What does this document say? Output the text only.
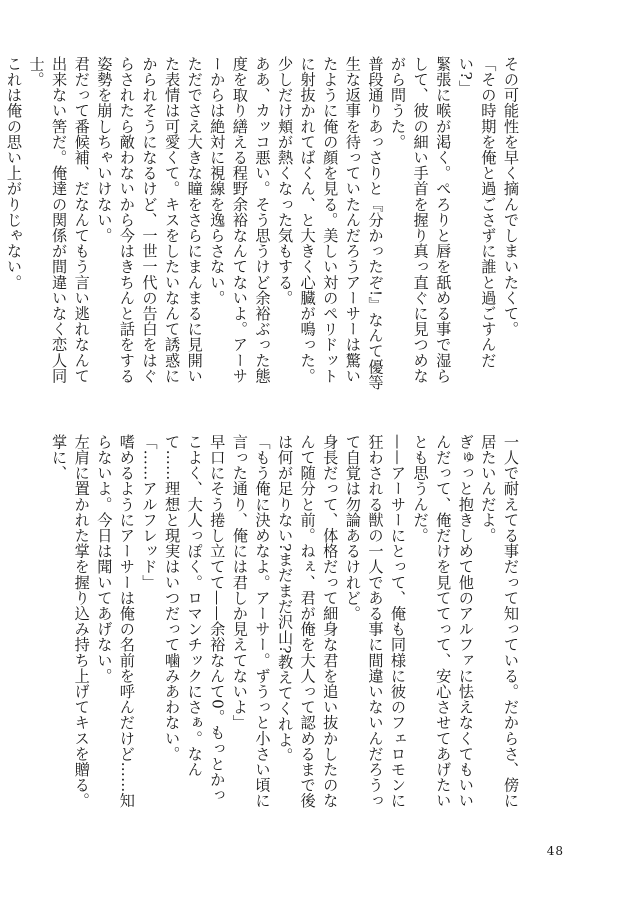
その可能性を早く摘んでしまいたくて。

「その時期を俺と過ごさずに誰と過ごすんだい?」

緊張に喉が渇く。ぺろりと唇を舐める事で湿らして、彼の細い手首を握り真っ直ぐに見つめながら問うた。

普段通りあっさりと『分かったぞ!』なんて優等生な返事を待っていたんだろうアーサーは驚いたように俺の顔を見る。美しい対のペリドットに射抜かれてばくん、と大きく心臓が鳴った。少しだけ頬が熱くなった気もする。

ああ、カッコ悪い。そう思うけど余裕ぶった態度を取り繕える程野余裕なんてないよ。アーサーからは絶対に視線を逸らさない。

ただでさえ大きな瞳をさらにまんまるに見開いた表情は可愛くて。キスをしたいなんて誘惑にかられそうになるけど、一世一代の告白をはぐらされたら敵わないから今はきちんと話をする姿勢を崩しちゃいけない。

君だって番候補、だなんてもう言い逃れなんて出来ない筈だ。俺達の関係が間違いなく恋人同士。

これは俺の思い上がりじゃない。

一人で耐えてる事だって知っている。だからさ、傍に居たいんだよ。

ぎゅっと抱きしめて他のアルファに怯えなくてもいいんだって、俺だけを見ててって、安心させてあげたいとも思うんだ。

——アーサーにとって、俺も同様に彼のフェロモンに狂わされる獣の一人である事に間違いないんだろうって自覚は勿論あるけれど。

身長だって、体格だって細身な君を追い抜かしたのなんて随分と前。ねぇ、君が俺を大人って認めるまで後は何が足りない?まだまだ沢山?教えてくれよ。

「もう俺に決めなよ。アーサー。ずうっと小さい頃に言った通り、俺には君しか見えてないよ」

早口にそう捲し立てて——余裕なんて0。もっとかっこよく、大人っぽく。ロマンチックにさぁ。なんて……理想と現実はいつだって噛みあわない。

「……アルフレッド」

嗜めるようにアーサーは俺の名前を呼んだけど……知らないよ。今日は聞いてあげない。

左肩に置かれた掌を握り込み持ち上げてキスを贈る。掌に、

48
